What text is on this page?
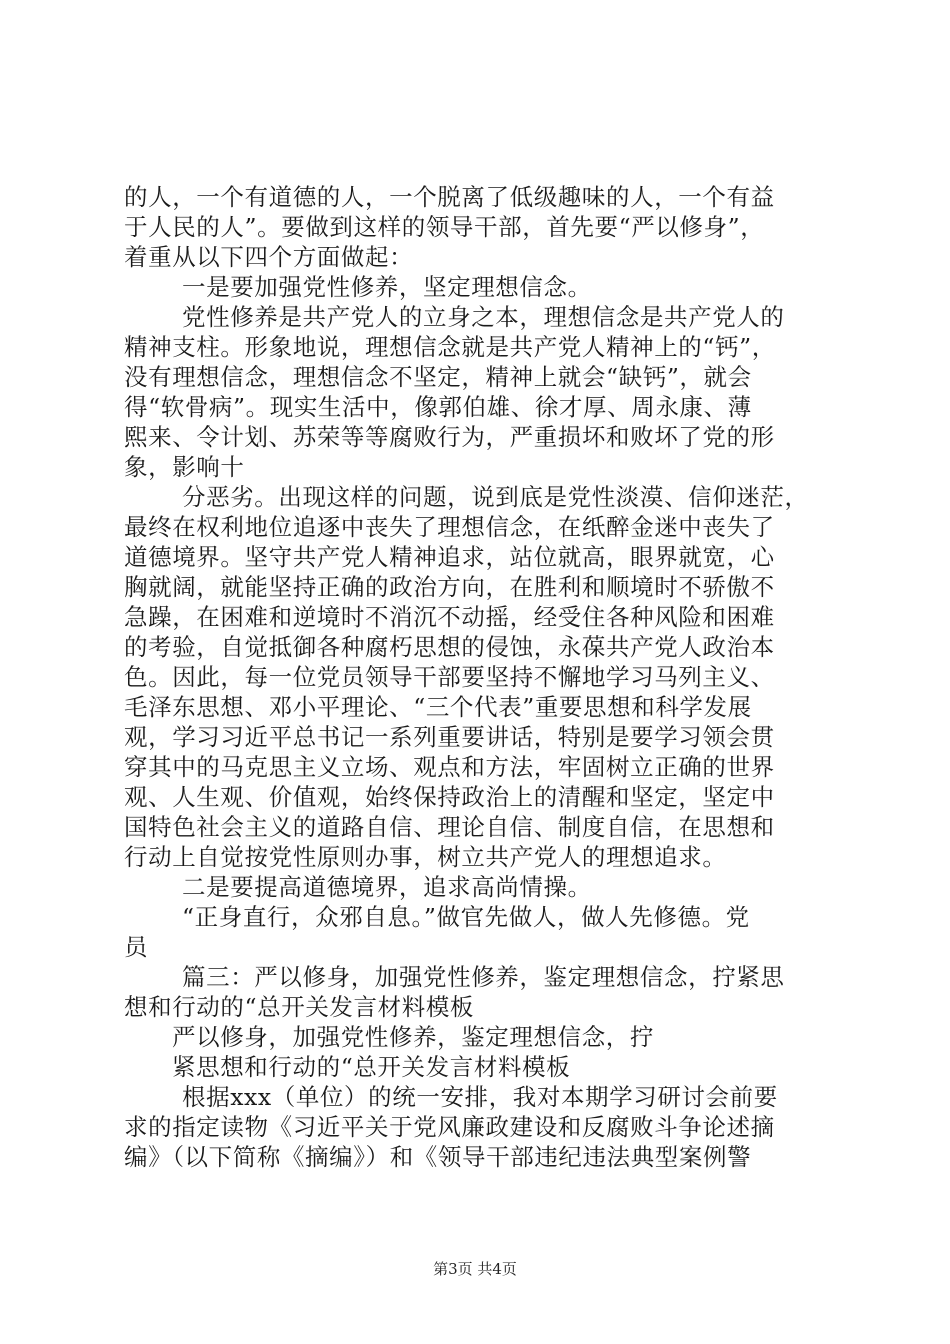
的人，一个有道德的人，一个脱离了低级趣味的人，一个有益
于人民的人”。要做到这样的领导干部，首先要“严以修身”，
着重从以下四个方面做起：
一是要加强党性修养，坚定理想信念。
党性修养是共产党人的立身之本，理想信念是共产党人的
精神支柱。形象地说，理想信念就是共产党人精神上的“钙”，
没有理想信念，理想信念不坚定，精神上就会“缺钙”，就会
得“软骨病”。现实生活中，像郭伯雄、徐才厚、周永康、薄
熙来、令计划、苏荣等等腐败行为，严重损坏和败坏了党的形
象，影响十
分恶劣。出现这样的问题，说到底是党性淡漠、信仰迷茫，
最终在权利地位追逐中丧失了理想信念，在纸醉金迷中丧失了
道德境界。坚守共产党人精神追求，站位就高，眼界就宽，心
胸就阔，就能坚持正确的政治方向，在胜利和顺境时不骄傲不
急躁，在困难和逆境时不消沉不动摇，经受住各种风险和困难
的考验，自觉抵御各种腐朽思想的侵蚀，永葆共产党人政治本
色。因此，每一位党员领导干部要坚持不懈地学习马列主义、
毛泽东思想、邓小平理论、“三个代表”重要思想和科学发展
观，学习习近平总书记一系列重要讲话，特别是要学习领会贯
穿其中的马克思主义立场、观点和方法，牢固树立正确的世界
观、人生观、价值观，始终保持政治上的清醒和坚定，坚定中
国特色社会主义的道路自信、理论自信、制度自信，在思想和
行动上自觉按党性原则办事，树立共产党人的理想追求。
二是要提高道德境界，追求高尚情操。
“正身直行，众邪自息。”做官先做人，做人先修德。党
员
篇三：严以修身，加强党性修养，鉴定理想信念，拧紧思
想和行动的“总开关发言材料模板
严以修身，加强党性修养，鉴定理想信念，拧
紧思想和行动的“总开关发言材料模板
根据xxx（单位）的统一安排，我对本期学习研讨会前要
求的指定读物《习近平关于党风廉政建设和反腐败斗争论述摘
编》（以下简称《摘编》）和《领导干部违纪违法典型案例警
第3页 共4页
